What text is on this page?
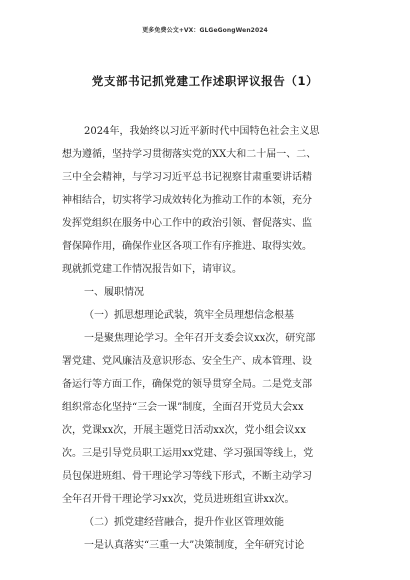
更多免费公文+VX：GLGeGongWen2024
党支部书记抓党建工作述职评议报告（1）
2024年，我始终以习近平新时代中国特色社会主义思
想为遵循，坚持学习贯彻落实党的XX大和二十届一、二、
三中全会精神，与学习习近平总书记视察甘肃重要讲话精
神相结合，切实将学习成效转化为推动工作的本领，充分
发挥党组织在服务中心工作中的政治引领、督促落实、监
督保障作用，确保作业区各项工作有序推进、取得实效。
现就抓党建工作情况报告如下，请审议。
一、履职情况
（一）抓思想理论武装，筑牢全员理想信念根基
一是聚焦理论学习。全年召开支委会议xx次，研究部
署党建、党风廉洁及意识形态、安全生产、成本管理、设
备运行等方面工作，确保党的领导贯穿全局。二是党支部
组织常态化坚持“三会一课”制度，全面召开党员大会xx
次，党课xx次，开展主题党日活动xx次，党小组会议xx
次。三是引导党员职工运用xx党建、学习强国等线上，党
员包保进班组、骨干理论学习等线下形式，不断主动学习
全年召开骨干理论学习xx次，党员进班组宣讲xx次。
（二）抓党建经营融合，提升作业区管理效能
一是认真落实“三重一大”决策制度，全年研究讨论
